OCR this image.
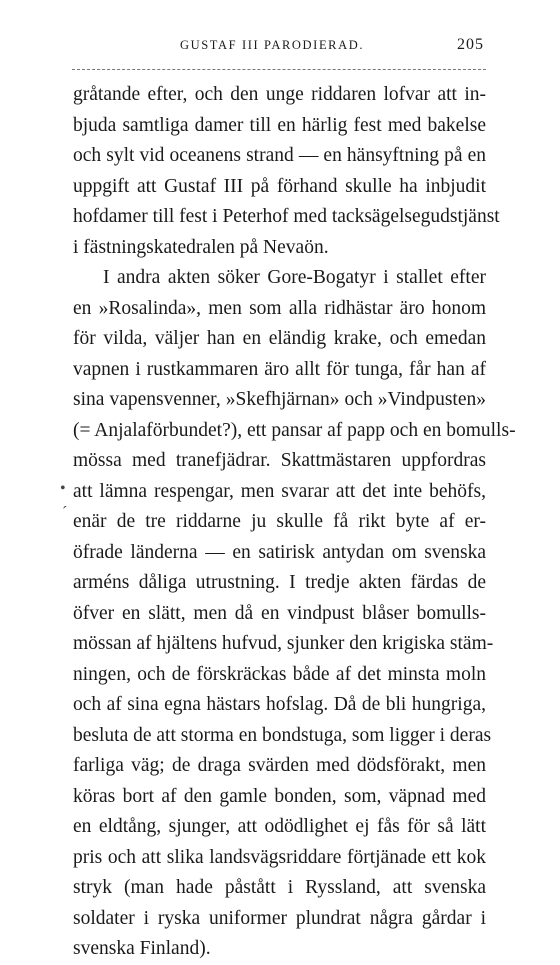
GUSTAF III PARODIERAD.	205
gråtande efter, och den unge riddaren lofvar att in-
bjuda samtliga damer till en härlig fest med bakelse
och sylt vid oceanens strand — en hänsyftning på en
uppgift att Gustaf III på förhand skulle ha inbjudit
hofdamer till fest i Peterhof med tacksägelsegudstjänst
i fästningskatedralen på Nevaön.
I andra akten söker Gore-Bogatyr i stallet efter
en »Rosalinda», men som alla ridhästar äro honom
för vilda, väljer han en eländig krake, och emedan
vapnen i rustkammaren äro allt för tunga, får han af
sina vapensvenner, »Skefhjärnan» och »Vindpusten»
(= Anjalaförbundet?), ett pansar af papp och en bomulls-
mössa med tranefjädrar. Skattmästaren uppfordras
att lämna respengar, men svarar att det inte behöfs,
enär de tre riddarne ju skulle få rikt byte af er-
öfrade länderna — en satirisk antydan om svenska
arméns dåliga utrustning. I tredje akten färdas de
öfver en slätt, men då en vindpust blåser bomulls-
mössan af hjältens hufvud, sjunker den krigiska stäm-
ningen, och de förskräckas både af det minsta moln
och af sina egna hästars hofslag. Då de bli hungriga,
besluta de att storma en bondstuga, som ligger i deras
farliga väg; de draga svärden med dödsförakt, men
köras bort af den gamle bonden, som, väpnad med
en eldtång, sjunger, att odödlighet ej fås för så lätt
pris och att slika landsvägsriddare förtjänade ett kok
stryk (man hade påstått i Ryssland, att svenska
soldater i ryska uniformer plundrat några gårdar i
svenska Finland).
•
´
